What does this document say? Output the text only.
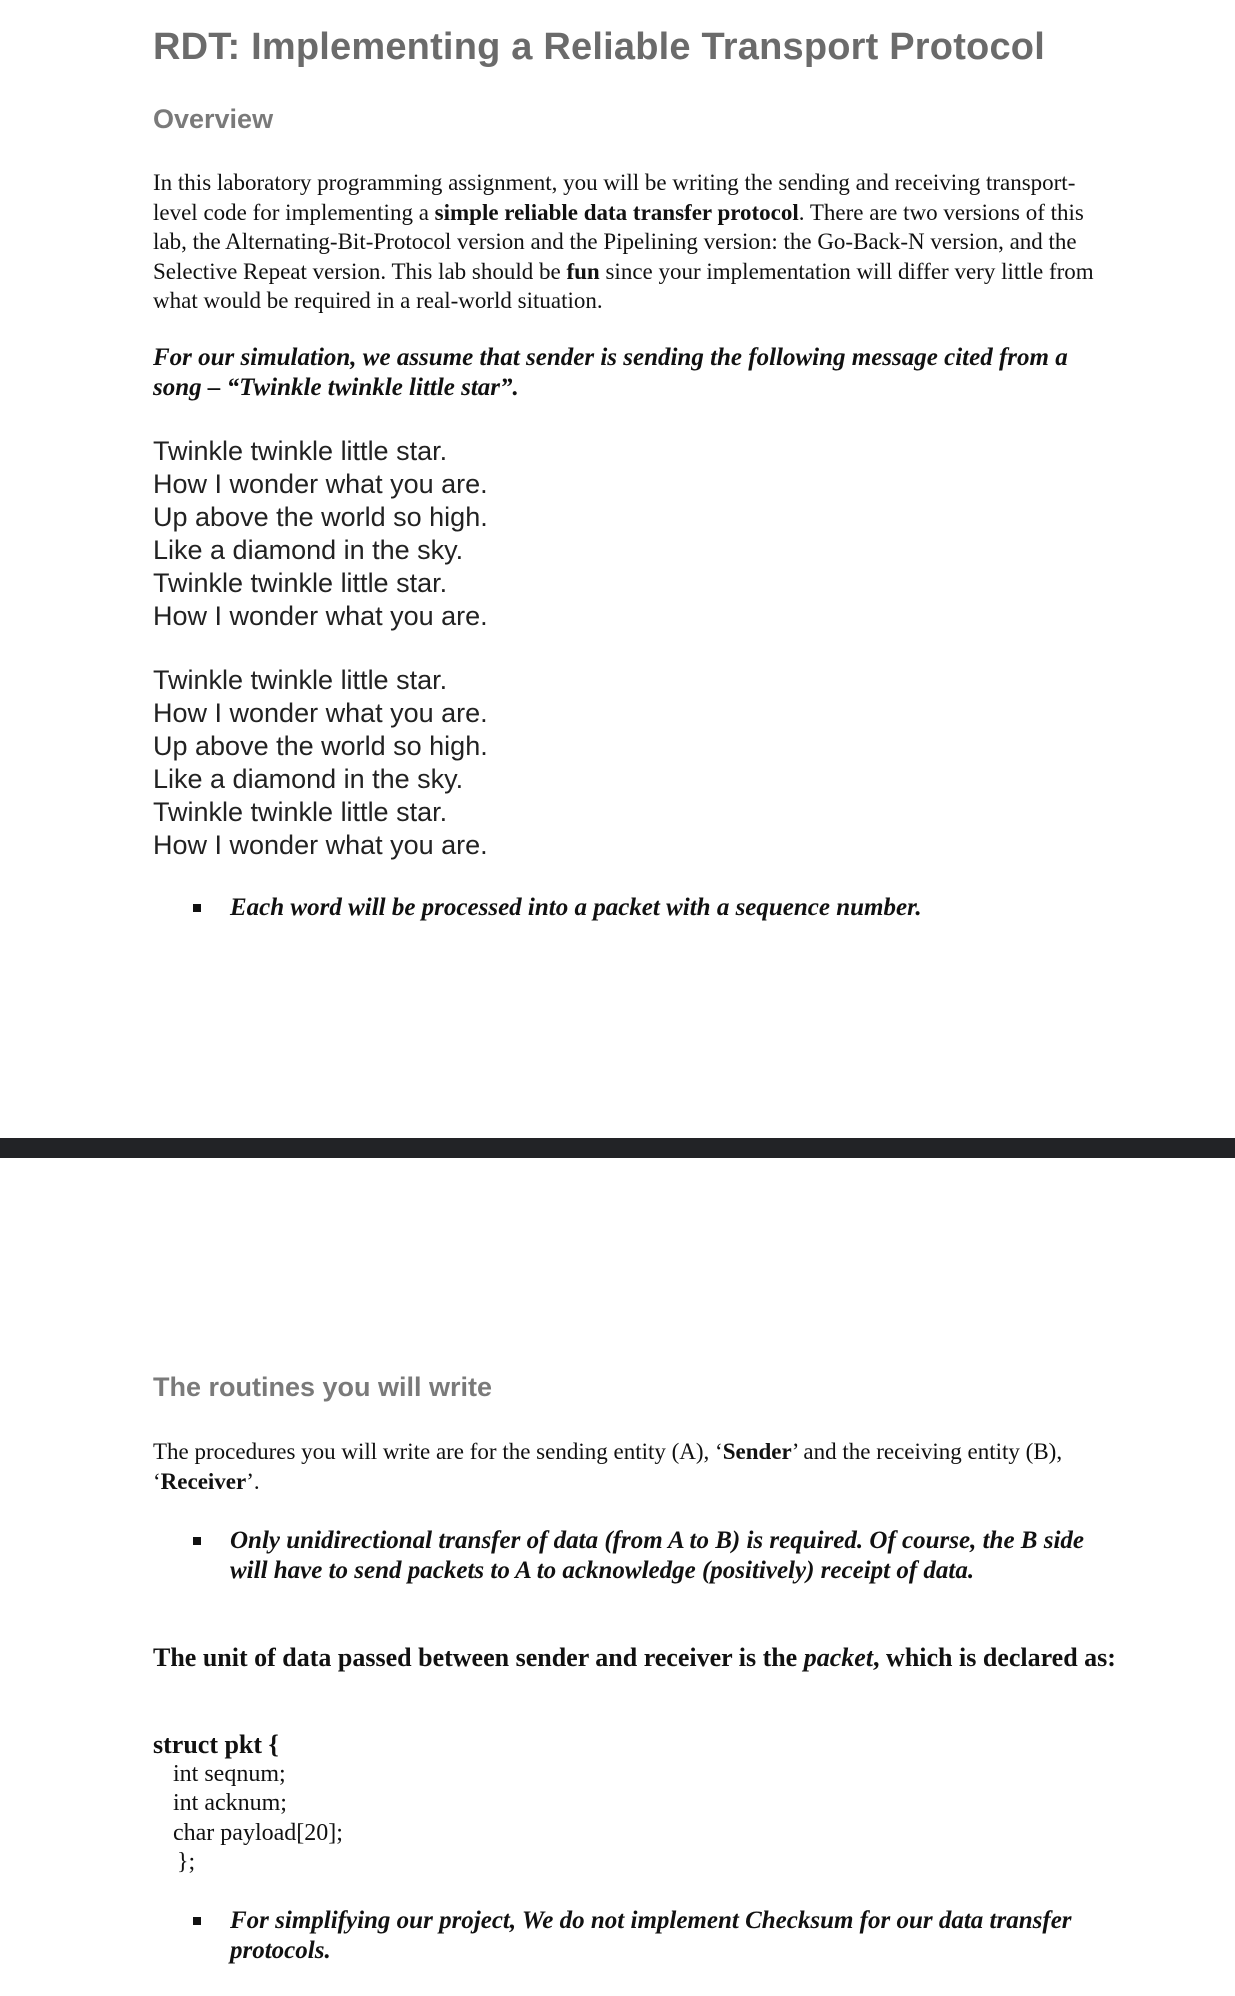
RDT: Implementing a Reliable Transport Protocol
Overview

In this laboratory programming assignment, you will be writing the sending and receiving transport-level code for implementing a simple reliable data transfer protocol. There are two versions of this lab, the Alternating-Bit-Protocol version and the Pipelining version: the Go-Back-N version, and the Selective Repeat version. This lab should be fun since your implementation will differ very little from what would be required in a real-world situation.

For our simulation, we assume that sender is sending the following message cited from a song – “Twinkle twinkle little star”.

Twinkle twinkle little star.
How I wonder what you are.
Up above the world so high.
Like a diamond in the sky.
Twinkle twinkle little star.
How I wonder what you are.
Twinkle twinkle little star.
How I wonder what you are.
Up above the world so high.
Like a diamond in the sky.
Twinkle twinkle little star.
How I wonder what you are.
Each word will be processed into a packet with a sequence number.
The routines you will write

The procedures you will write are for the sending entity (A), ‘Sender’ and the receiving entity (B), ‘Receiver’.

Only unidirectional transfer of data (from A to B) is required. Of course, the B side will have to send packets to A to acknowledge (positively) receipt of data.

The unit of data passed between sender and receiver is the packet, which is declared as:

struct pkt {
int seqnum;
int acknum;
char payload[20];
};
For simplifying our project, We do not implement Checksum for our data transfer protocols.
